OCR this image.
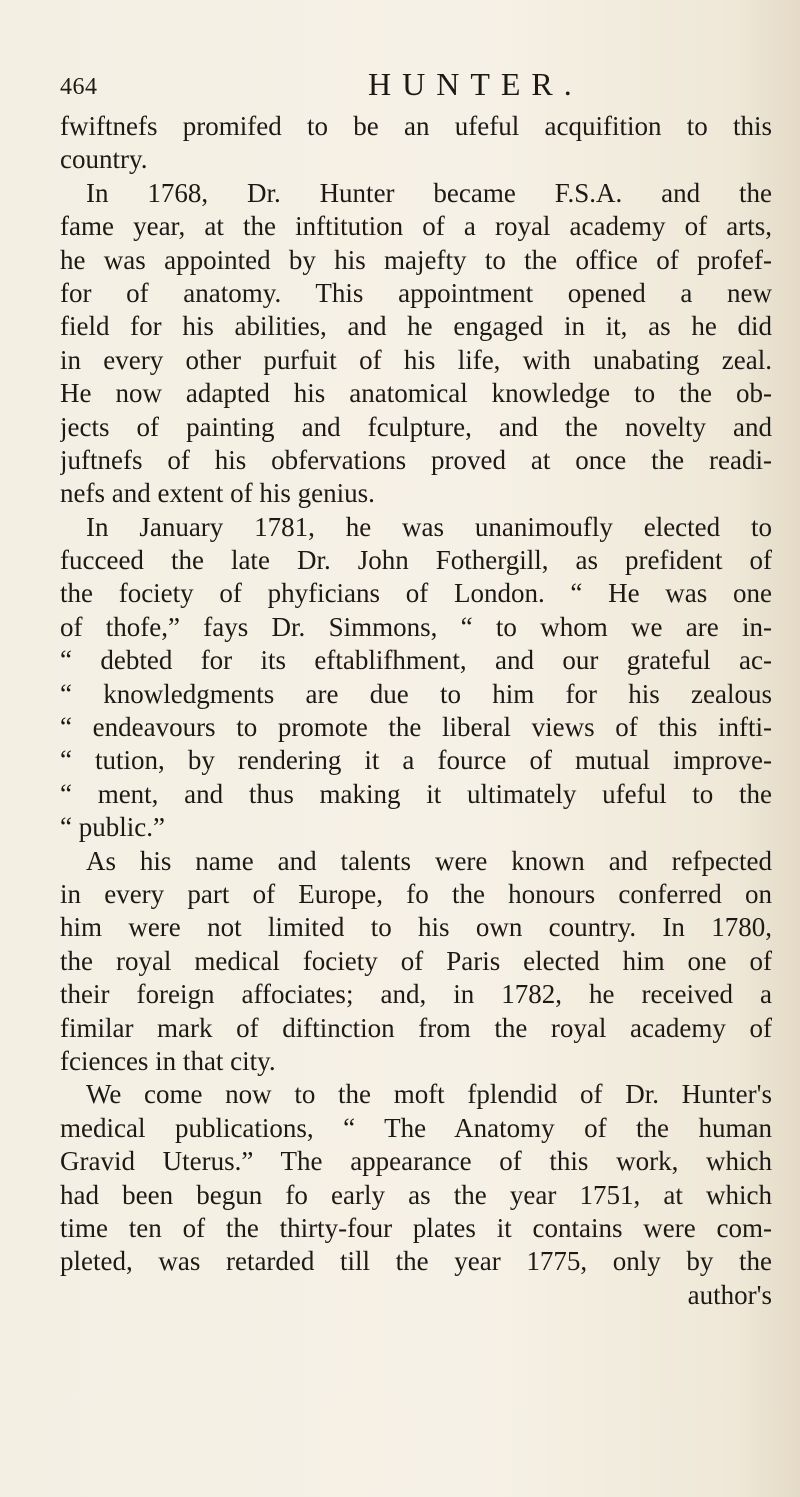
464	HUNTER.
fwiftnefs promifed to be an ufeful acquifition to this
country.
In 1768, Dr. Hunter became F.S.A. and the
fame year, at the inftitution of a royal academy of arts,
he was appointed by his majefty to the office of profef-
for of anatomy. This appointment opened a new
field for his abilities, and he engaged in it, as he did
in every other purfuit of his life, with unabating zeal.
He now adapted his anatomical knowledge to the ob-
jects of painting and fculpture, and the novelty and
juftnefs of his obfervations proved at once the readi-
nefs and extent of his genius.
In January 1781, he was unanimoufly elected to
fucceed the late Dr. John Fothergill, as prefident of
the fociety of phyficians of London. “ He was one
of thofe,” fays Dr. Simmons, “ to whom we are in-
“ debted for its eftablifhment, and our grateful ac-
“ knowledgments are due to him for his zealous
“ endeavours to promote the liberal views of this infti-
“ tution, by rendering it a fource of mutual improve-
“ ment, and thus making it ultimately ufeful to the
“ public.”
As his name and talents were known and refpected
in every part of Europe, fo the honours conferred on
him were not limited to his own country. In 1780,
the royal medical fociety of Paris elected him one of
their foreign affociates; and, in 1782, he received a
fimilar mark of diftinction from the royal academy of
fciences in that city.
We come now to the moft fplendid of Dr. Hunter's
medical publications, “ The Anatomy of the human
Gravid Uterus.” The appearance of this work, which
had been begun fo early as the year 1751, at which
time ten of the thirty-four plates it contains were com-
pleted, was retarded till the year 1775, only by the
author's
